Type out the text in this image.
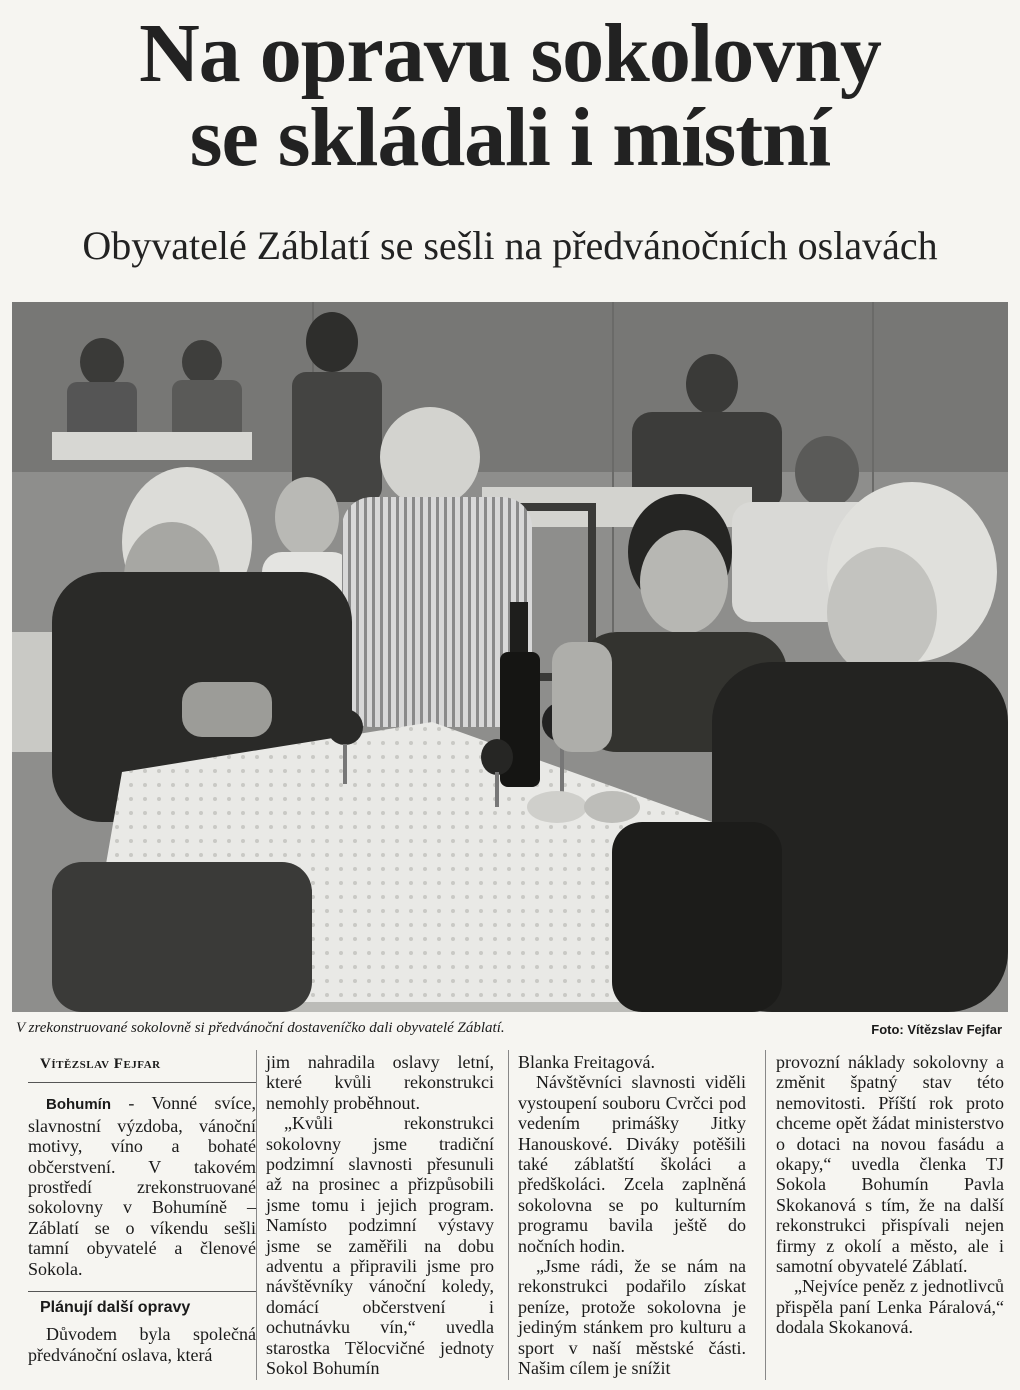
Na opravu sokolovny
se skládali i místní
Obyvatelé Záblatí se sešli na předvánočních oslavách
V zrekonstruované sokolovně si předvánoční dostaveníčko dali obyvatelé Záblatí.	Foto: Vítězslav Fejfar
Vítězslav Fejfar

Bohumín - Vonné svíce, slavnostní výzdoba, vánoční motivy, víno a bohaté občerstvení. V takovém prostředí zrekonstruované sokolovny v Bohumíně – Záblatí se o víkendu sešli tamní obyvatelé a členové Sokola.

Plánují další opravy

Důvodem byla společná předvánoční oslava, která

jim nahradila oslavy letní, které kvůli rekonstrukci nemohly proběhnout.

„Kvůli rekonstrukci sokolovny jsme tradiční podzimní slavnosti přesunuli až na prosinec a přizpůsobili jsme tomu i jejich program. Namísto podzimní výstavy jsme se zaměřili na dobu adventu a připravili jsme pro návštěvníky vánoční koledy, domácí občerstvení i ochutnávku vín,“ uvedla starostka Tělocvičné jednoty Sokol Bohumín

Blanka Freitagová.

Návštěvníci slavnosti viděli vystoupení souboru Cvrčci pod vedením primášky Jitky Hanouskové. Diváky potěšili také záblatští školáci a předškoláci. Zcela zaplněná sokolovna se po kulturním programu bavila ještě do nočních hodin.

„Jsme rádi, že se nám na rekonstrukci podařilo získat peníze, protože sokolovna je jediným stánkem pro kulturu a sport v naší městské části. Našim cílem je snížit

provozní náklady sokolovny a změnit špatný stav této nemovitosti. Příští rok proto chceme opět žádat ministerstvo o dotaci na novou fasádu a okapy,“ uvedla členka TJ Sokola Bohumín Pavla Skokanová s tím, že na další rekonstrukci přispívali nejen firmy z okolí a město, ale i samotní obyvatelé Záblatí.

„Nejvíce peněz z jednotlivců přispěla paní Lenka Páralová,“ dodala Skokanová.
